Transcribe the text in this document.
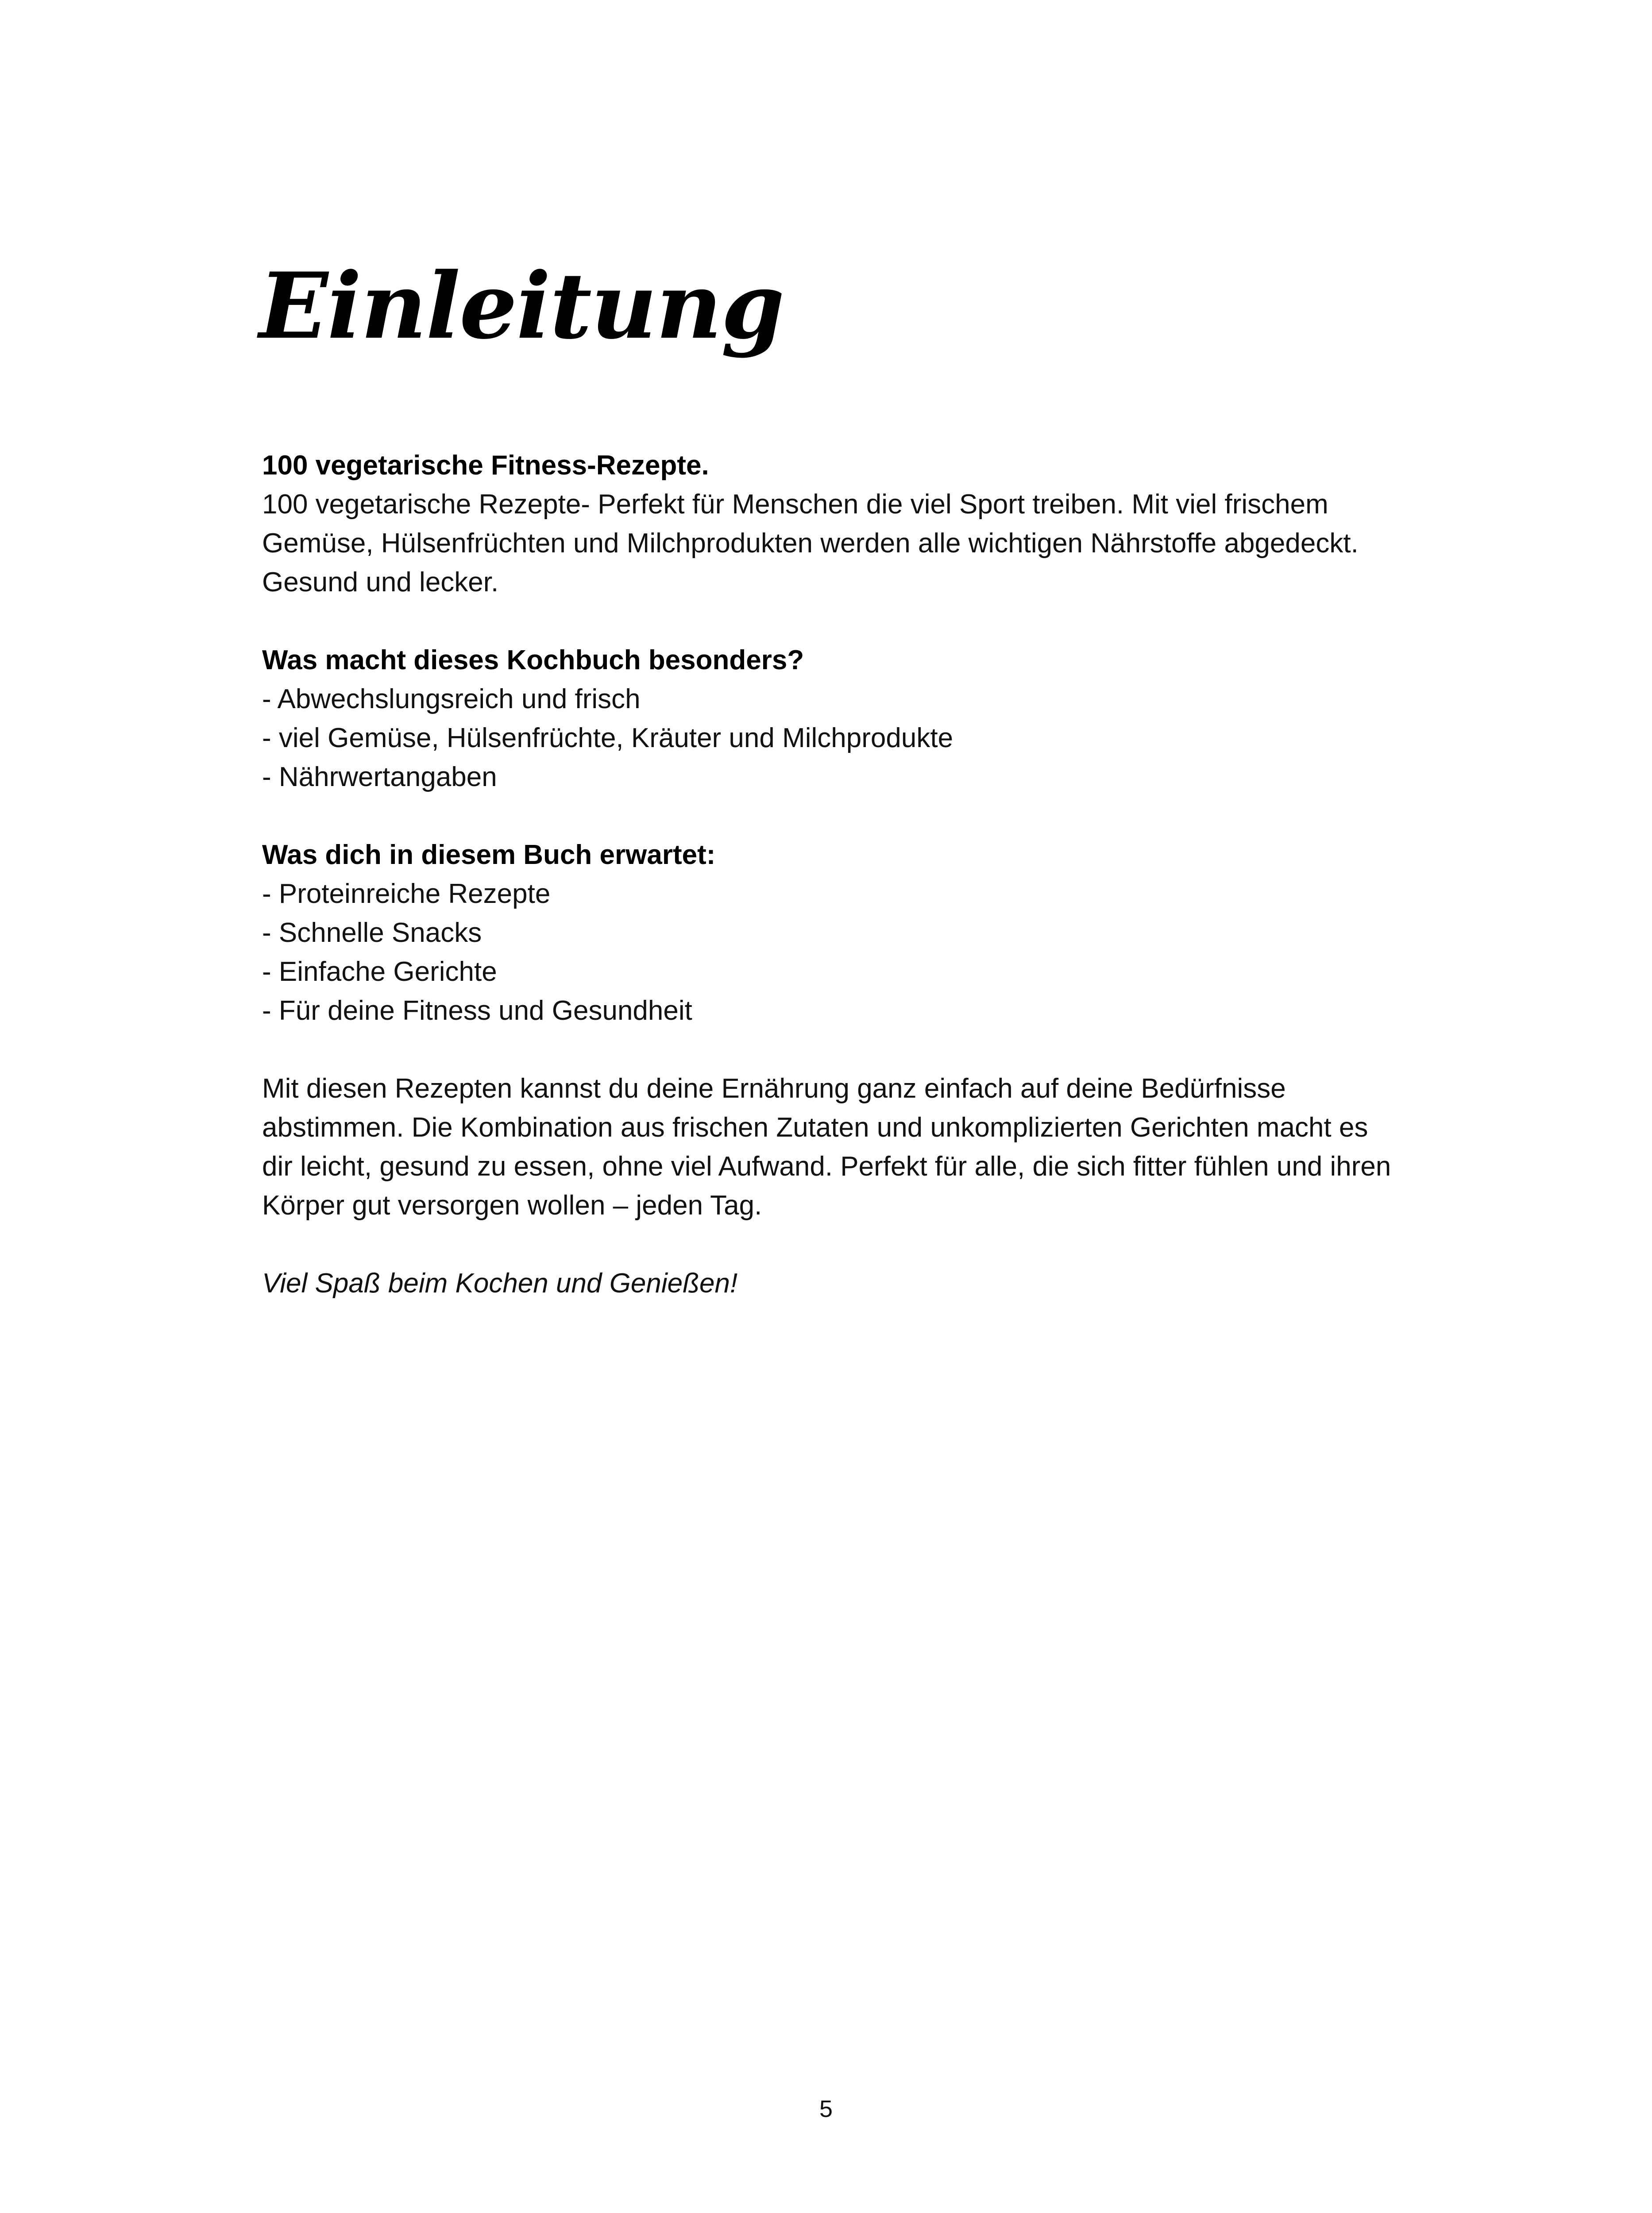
Einleitung
100 vegetarische Fitness-Rezepte.
100 vegetarische Rezepte- Perfekt für Menschen die viel Sport treiben. Mit viel frischem Gemüse, Hülsenfrüchten und Milchprodukten werden alle wichtigen Nährstoffe abgedeckt. Gesund und lecker.
Was macht dieses Kochbuch besonders?
- Abwechslungsreich und frisch
- viel Gemüse, Hülsenfrüchte, Kräuter und Milchprodukte
- Nährwertangaben
Was dich in diesem Buch erwartet:
- Proteinreiche Rezepte
- Schnelle Snacks
- Einfache Gerichte
- Für deine Fitness und Gesundheit
Mit diesen Rezepten kannst du deine Ernährung ganz einfach auf deine Bedürfnisse abstimmen. Die Kombination aus frischen Zutaten und unkomplizierten Gerichten macht es dir leicht, gesund zu essen, ohne viel Aufwand. Perfekt für alle, die sich fitter fühlen und ihren Körper gut versorgen wollen – jeden Tag.
Viel Spaß beim Kochen und Genießen!
5
